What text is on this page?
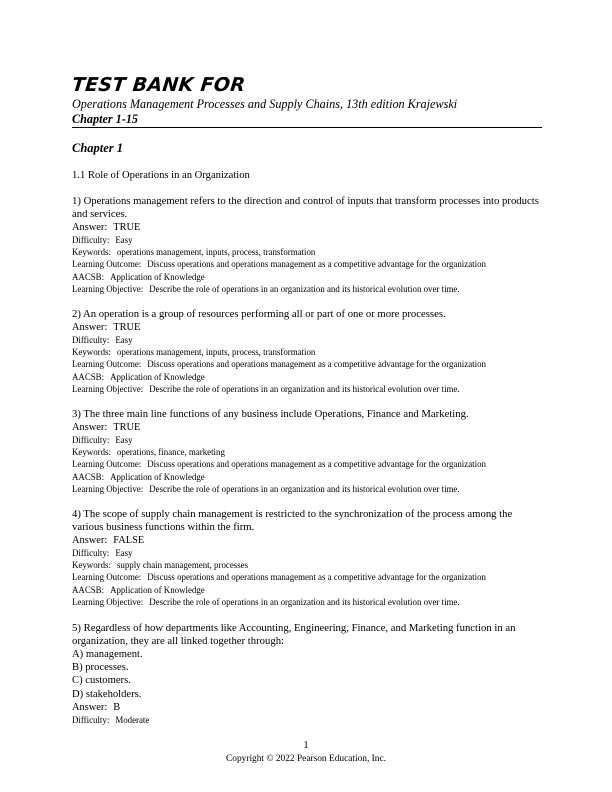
TEST BANK FOR
Operations Management Processes and Supply Chains, 13th edition Krajewski
Chapter 1-15
Chapter 1
1.1 Role of Operations in an Organization
1) Operations management refers to the direction and control of inputs that transform processes into products and services.
Answer: TRUE
Difficulty: Easy
Keywords: operations management, inputs, process, transformation
Learning Outcome: Discuss operations and operations management as a competitive advantage for the organization
AACSB: Application of Knowledge
Learning Objective: Describe the role of operations in an organization and its historical evolution over time.
2) An operation is a group of resources performing all or part of one or more processes.
Answer: TRUE
Difficulty: Easy
Keywords: operations management, inputs, process, transformation
Learning Outcome: Discuss operations and operations management as a competitive advantage for the organization
AACSB: Application of Knowledge
Learning Objective: Describe the role of operations in an organization and its historical evolution over time.
3) The three main line functions of any business include Operations, Finance and Marketing.
Answer: TRUE
Difficulty: Easy
Keywords: operations, finance, marketing
Learning Outcome: Discuss operations and operations management as a competitive advantage for the organization
AACSB: Application of Knowledge
Learning Objective: Describe the role of operations in an organization and its historical evolution over time.
4) The scope of supply chain management is restricted to the synchronization of the process among the various business functions within the firm.
Answer: FALSE
Difficulty: Easy
Keywords: supply chain management, processes
Learning Outcome: Discuss operations and operations management as a competitive advantage for the organization
AACSB: Application of Knowledge
Learning Objective: Describe the role of operations in an organization and its historical evolution over time.
5) Regardless of how departments like Accounting, Engineering, Finance, and Marketing function in an organization, they are all linked together through:
A) management.
B) processes.
C) customers.
D) stakeholders.
Answer: B
Difficulty: Moderate
1
Copyright © 2022 Pearson Education, Inc.
